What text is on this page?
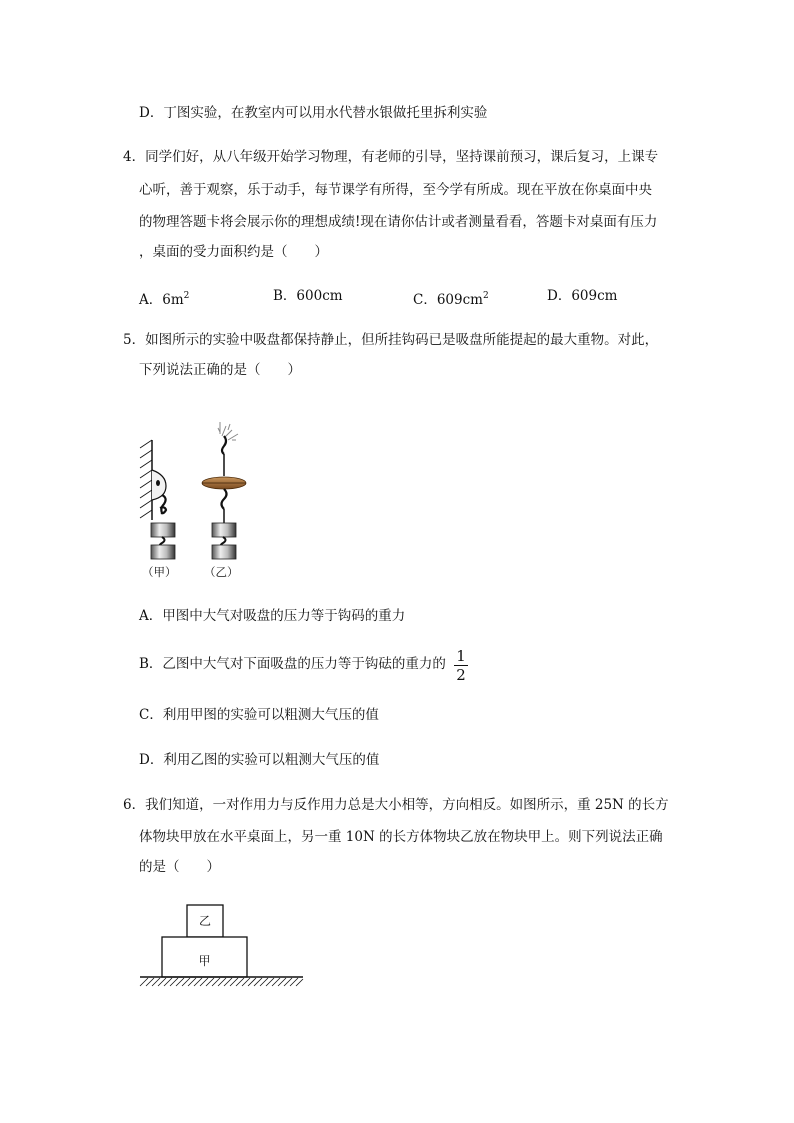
D．丁图实验，在教室内可以用水代替水银做托里拆利实验
4．同学们好，从八年级开始学习物理，有老师的引导，坚持课前预习，课后复习，上课专
心听，善于观察，乐于动手，每节课学有所得，至今学有所成。现在平放在你桌面中央
的物理答题卡将会展示你的理想成绩!现在请你估计或者测量看看，答题卡对桌面有压力
，桌面的受力面积约是（　　）
A．$6m^2$	B．600cm	C．$609cm^2$	D．609cm
5．如图所示的实验中吸盘都保持静止，但所挂钩码已是吸盘所能提起的最大重物。对此，
下列说法正确的是（　　）
（甲） （乙）
A．甲图中大气对吸盘的压力等于钩码的重力
B．乙图中大气对下面吸盘的压力等于钩砝的重力的 1
2
C．利用甲图的实验可以粗测大气压的值
D．利用乙图的实验可以粗测大气压的值
6．我们知道，一对作用力与反作用力总是大小相等，方向相反。如图所示，重 25N 的长方
体物块甲放在水平桌面上，另一重 10N 的长方体物块乙放在物块甲上。则下列说法正确
的是（　　）
乙
甲
